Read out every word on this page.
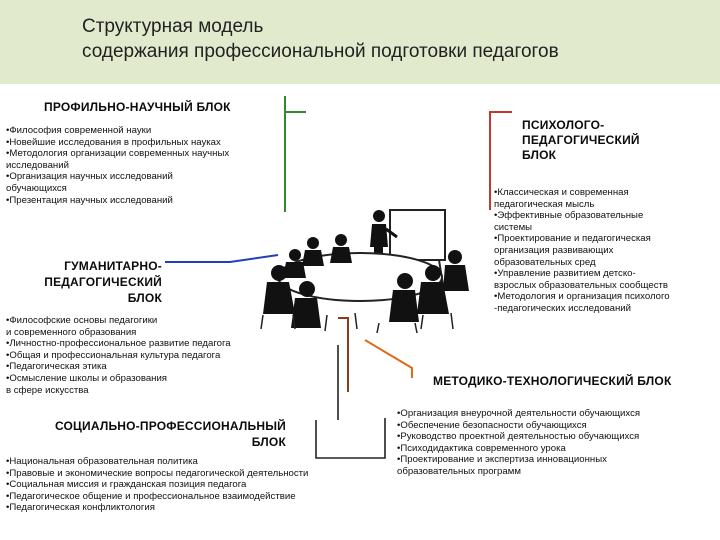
Структурная модель
содержания профессиональной подготовки педагогов
ПРОФИЛЬНО-НАУЧНЫЙ БЛОК
•Философия современной науки
•Новейшие исследования в профильных науках
•Методология организации современных научных
исследований
•Организация научных исследований
обучающихся
•Презентация научных исследований
ПСИХОЛОГО-
ПЕДАГОГИЧЕСКИЙ
БЛОК
•Классическая и современная
педагогическая мысль
•Эффективные образовательные
системы
•Проектирование и педагогическая
организация развивающих
образовательных сред
•Управление развитием детско-
взрослых образовательных сообществ
•Методология и организация психолого
-педагогических исследований
ГУМАНИТАРНО-
ПЕДАГОГИЧЕСКИЙ
БЛОК
•Философские основы педагогики
и современного образования
•Личностно-профессиональное развитие педагога
•Общая и профессиональная культура педагога
•Педагогическая этика
•Осмысление школы и образования
в сфере искусства
МЕТОДИКО-ТЕХНОЛОГИЧЕСКИЙ БЛОК
•Организация внеурочной деятельности обучающихся
•Обеспечение безопасности обучающихся
•Руководство проектной деятельностью обучающихся
•Психодидактика современного урока
•Проектирование и экспертиза инновационных
образовательных программ
СОЦИАЛЬНО-ПРОФЕССИОНАЛЬНЫЙ
БЛОК
•Национальная образовательная политика
•Правовые и экономические вопросы педагогической деятельности
•Социальная миссия и гражданская позиция педагога
•Педагогическое общение и профессиональное взаимодействие
•Педагогическая конфликтология
